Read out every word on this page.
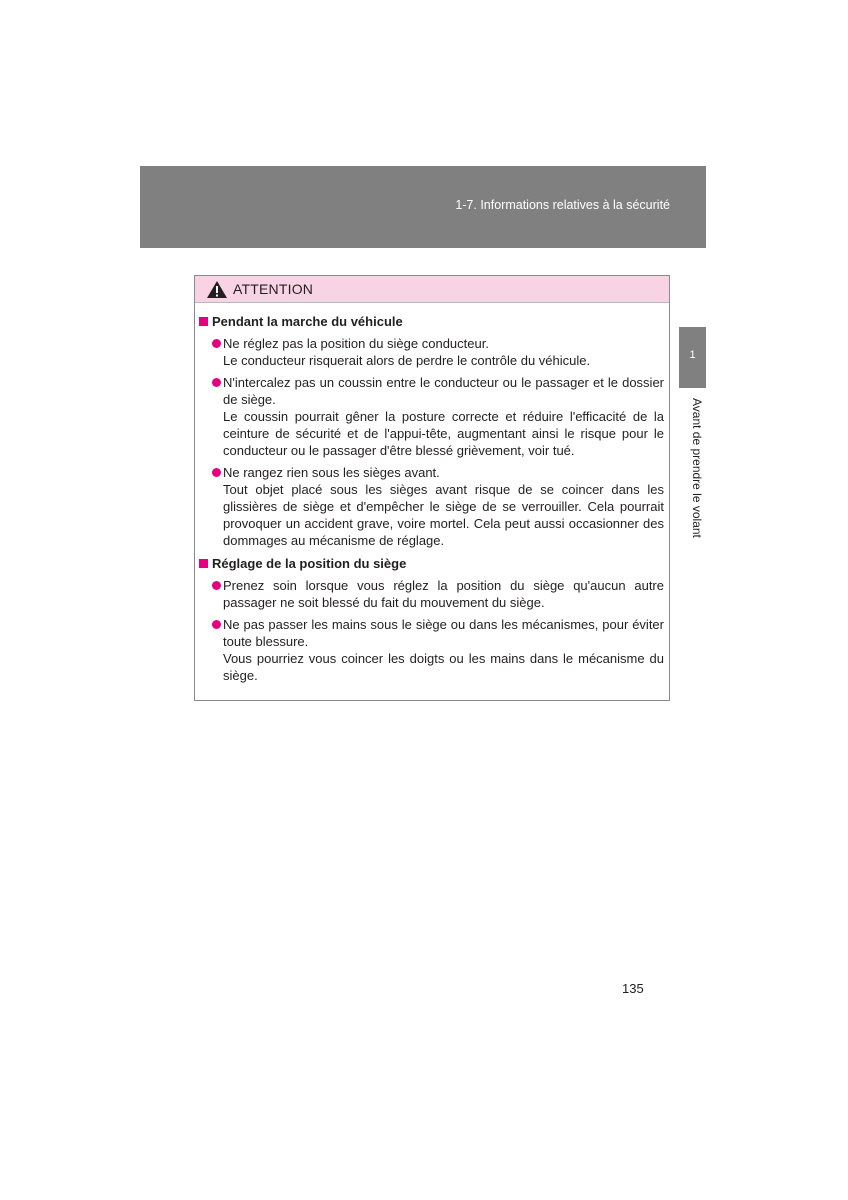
1-7. Informations relatives à la sécurité
1
Avant de prendre le volant
ATTENTION
Pendant la marche du véhicule

Ne réglez pas la position du siège conducteur.

Le conducteur risquerait alors de perdre le contrôle du véhicule.

N'intercalez pas un coussin entre le conducteur ou le passager et le dossier de siège.

Le coussin pourrait gêner la posture correcte et réduire l'efficacité de la ceinture de sécurité et de l'appui-tête, augmentant ainsi le risque pour le conducteur ou le passager d'être blessé grièvement, voir tué.

Ne rangez rien sous les sièges avant.

Tout objet placé sous les sièges avant risque de se coincer dans les glissières de siège et d'empêcher le siège de se verrouiller. Cela pourrait provoquer un accident grave, voire mortel. Cela peut aussi occasionner des dommages au mécanisme de réglage.

Réglage de la position du siège

Prenez soin lorsque vous réglez la position du siège qu'aucun autre passager ne soit blessé du fait du mouvement du siège.

Ne pas passer les mains sous le siège ou dans les mécanismes, pour éviter toute blessure.

Vous pourriez vous coincer les doigts ou les mains dans le mécanisme du siège.

135
